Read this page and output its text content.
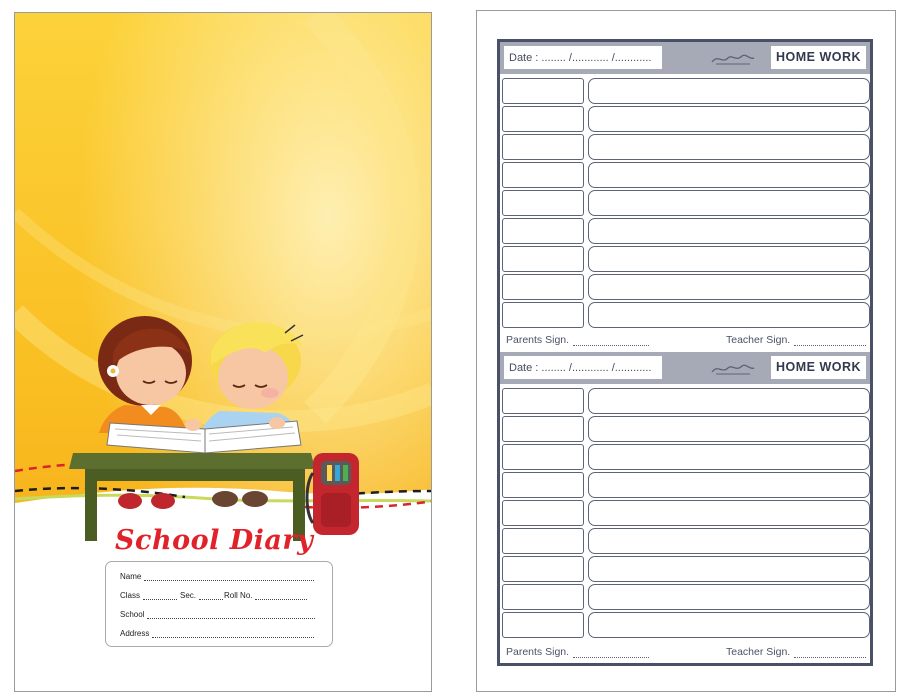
School Diary
Name
Class	Sec.	Roll No.
School
Address
Date : ........ /............ /............	HOME WORK
Parents Sign.	Teacher Sign.
Date : ........ /............ /............	HOME WORK
Parents Sign.	Teacher Sign.
